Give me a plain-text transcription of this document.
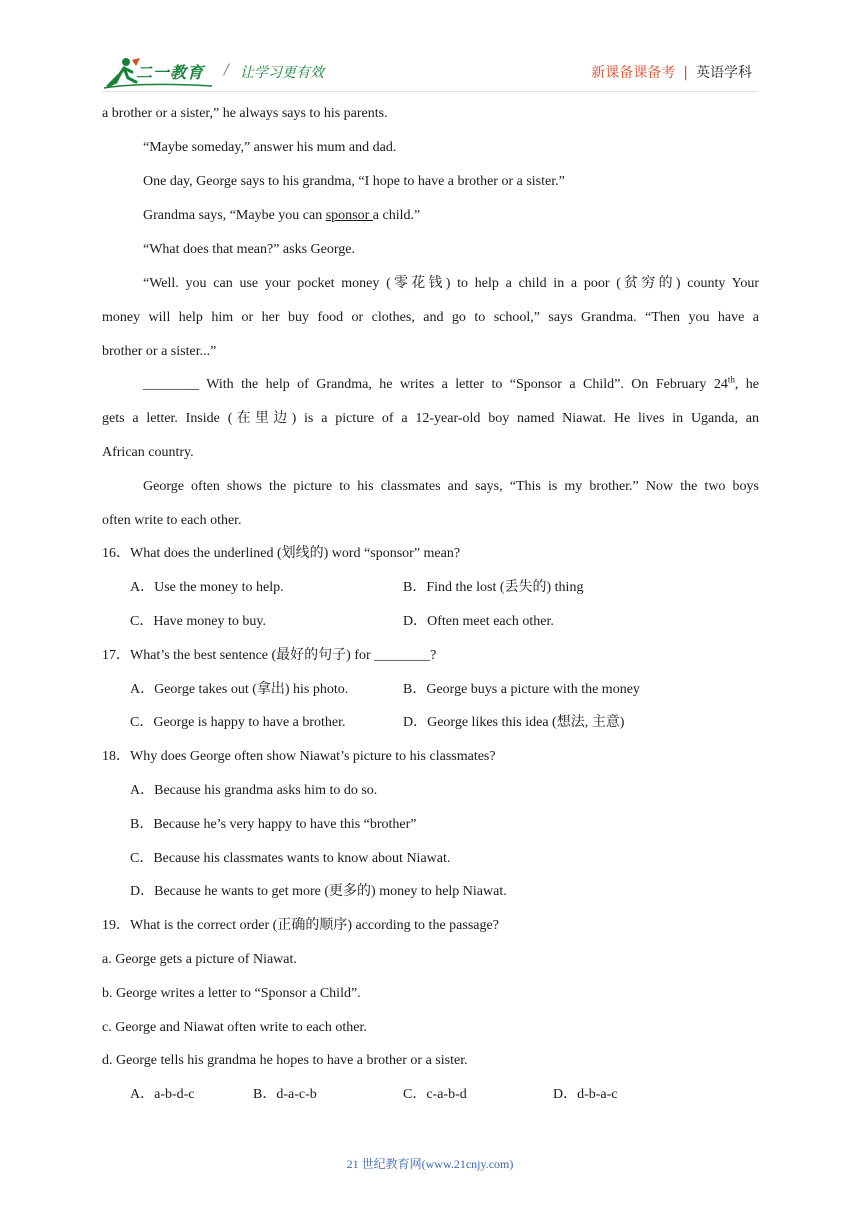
二一教育 / 让学习更有效	新课备课备考 | 英语学科
a brother or a sister,” he always says to his parents.
“Maybe someday,” answer his mum and dad.
One day, George says to his grandma, “I hope to have a brother or a sister.”
Grandma says, “Maybe you can sponsor a child.”
“What does that mean?” asks George.
“Well. you can use your pocket money (零花钱) to help a child in a poor (贫穷的) county Your
money will help him or her buy food or clothes, and go to school,” says Grandma. “Then you have a
brother or a sister...”
________ With the help of Grandma, he writes a letter to “Sponsor a Child”. On February 24th, he
gets a letter. Inside (在里边) is a picture of a 12-year-old boy named Niawat. He lives in Uganda, an
African country.
George often shows the picture to his classmates and says, “This is my brother.” Now the two boys
often write to each other.
16．What does the underlined (划线的) word “sponsor” mean?
A．Use the money to help.	B．Find the lost (丢失的) thing
C．Have money to buy.	D．Often meet each other.
17．What’s the best sentence (最好的句子) for ________?
A．George takes out (拿出) his photo.	B．George buys a picture with the money
C．George is happy to have a brother.	D．George likes this idea (想法, 主意)
18．Why does George often show Niawat’s picture to his classmates?
A．Because his grandma asks him to do so.
B．Because he’s very happy to have this “brother”
C．Because his classmates wants to know about Niawat.
D．Because he wants to get more (更多的) money to help Niawat.
19．What is the correct order (正确的顺序) according to the passage?
a. George gets a picture of Niawat.
b. George writes a letter to “Sponsor a Child”.
c. George and Niawat often write to each other.
d. George tells his grandma he hopes to have a brother or a sister.
A．a-b-d-c	B．d-a-c-b	C．c-a-b-d	D．d-b-a-c
21 世纪教育网(www.21cnjy.com)
